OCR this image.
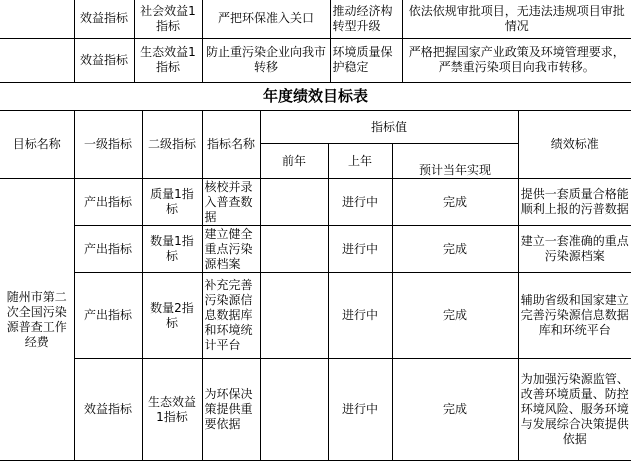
	效益指标	社会效益1指标	严把环保准入关口	推动经济构转型升级	依法依规审批项目，无违法违规项目审批情况
	效益指标	生态效益1指标	防止重污染企业向我市转移	环境质量保护稳定	严格把握国家产业政策及环境管理要求，严禁重污染项目向我市转移。
年度绩效目标表
目标名称	一级指标	二级指标	指标名称	指标值			绩效标准
				前年	上年	预计当年实现	
随州市第二次全国污染源普查工作经费	产出指标	质量1指标	核校并录入普查数据		进行中	完成	提供一套质量合格能顺利上报的污普数据
	产出指标	数量1指标	建立健全重点污染源档案		进行中	完成	建立一套准确的重点污染源档案
	产出指标	数量2指标	补充完善污染源信息数据库和环境统计平台		进行中	完成	辅助省级和国家建立完善污染源信息数据库和环统平台
	效益指标	生态效益1指标	为环保决策提供重要依据		进行中	完成	为加强污染源监管、改善环境质量、防控环境风险、服务环境与发展综合决策提供依据
